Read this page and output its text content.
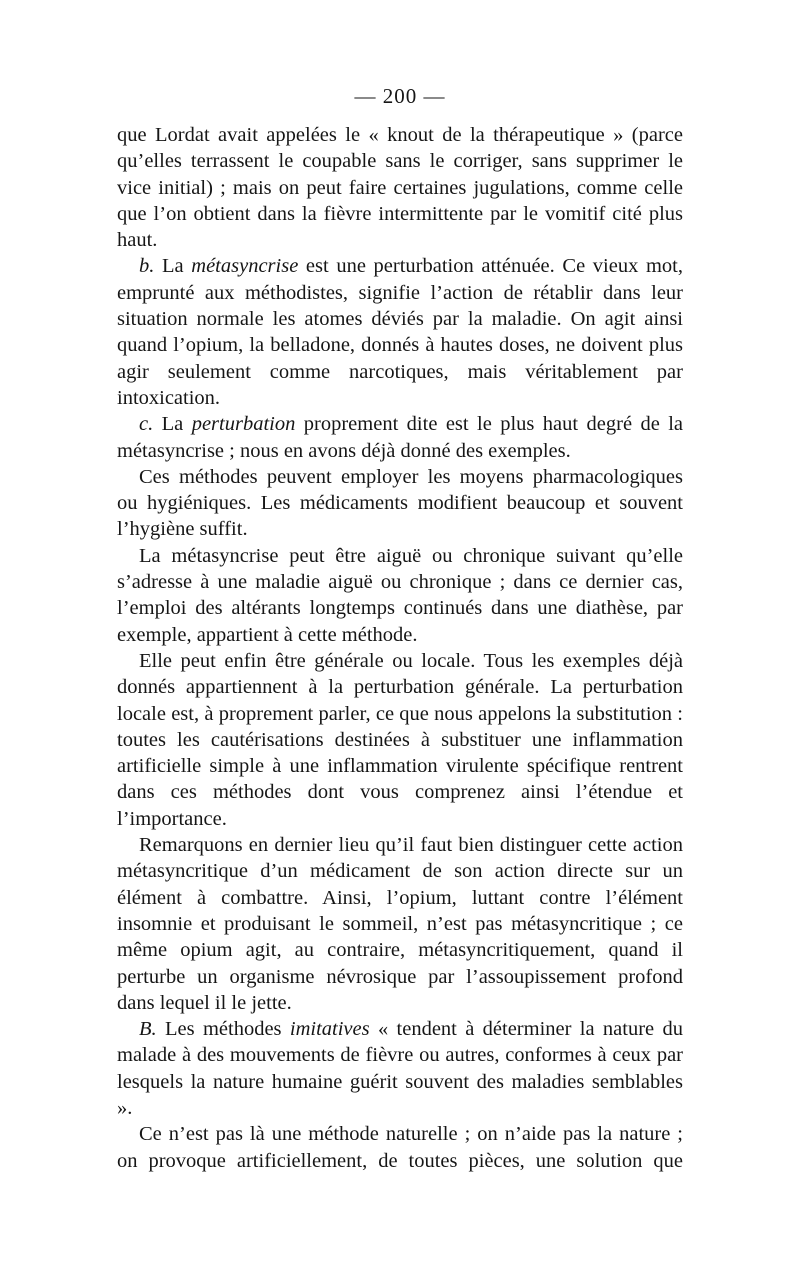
— 200 —

que Lordat avait appelées le « knout de la thérapeutique » (parce qu’elles terrassent le coupable sans le corriger, sans supprimer le vice initial) ; mais on peut faire certaines jugulations, comme celle que l’on obtient dans la fièvre intermittente par le vomitif cité plus haut.

b. La métasyncrise est une perturbation atténuée. Ce vieux mot, emprunté aux méthodistes, signifie l’action de rétablir dans leur situation normale les atomes déviés par la maladie. On agit ainsi quand l’opium, la belladone, donnés à hautes doses, ne doivent plus agir seulement comme narcotiques, mais véritablement par intoxication.

c. La perturbation proprement dite est le plus haut degré de la métasyncrise ; nous en avons déjà donné des exemples.

Ces méthodes peuvent employer les moyens pharmacologiques ou hygiéniques. Les médicaments modifient beaucoup et souvent l’hygiène suffit.

La métasyncrise peut être aiguë ou chronique suivant qu’elle s’adresse à une maladie aiguë ou chronique ; dans ce dernier cas, l’emploi des altérants longtemps continués dans une diathèse, par exemple, appartient à cette méthode.

Elle peut enfin être générale ou locale. Tous les exemples déjà donnés appartiennent à la perturbation générale. La perturbation locale est, à proprement parler, ce que nous appelons la substitution : toutes les cautérisations destinées à substituer une inflammation artificielle simple à une inflammation virulente spécifique rentrent dans ces méthodes dont vous comprenez ainsi l’étendue et l’importance.

Remarquons en dernier lieu qu’il faut bien distinguer cette action métasyncritique d’un médicament de son action directe sur un élément à combattre. Ainsi, l’opium, luttant contre l’élément insomnie et produisant le sommeil, n’est pas métasyncritique ; ce même opium agit, au contraire, métasyncritiquement, quand il perturbe un organisme névrosique par l’assoupissement profond dans lequel il le jette.

B. Les méthodes imitatives « tendent à déterminer la nature du malade à des mouvements de fièvre ou autres, conformes à ceux par lesquels la nature humaine guérit souvent des maladies semblables ».

Ce n’est pas là une méthode naturelle ; on n’aide pas la nature ; on provoque artificiellement, de toutes pièces, une solution que
